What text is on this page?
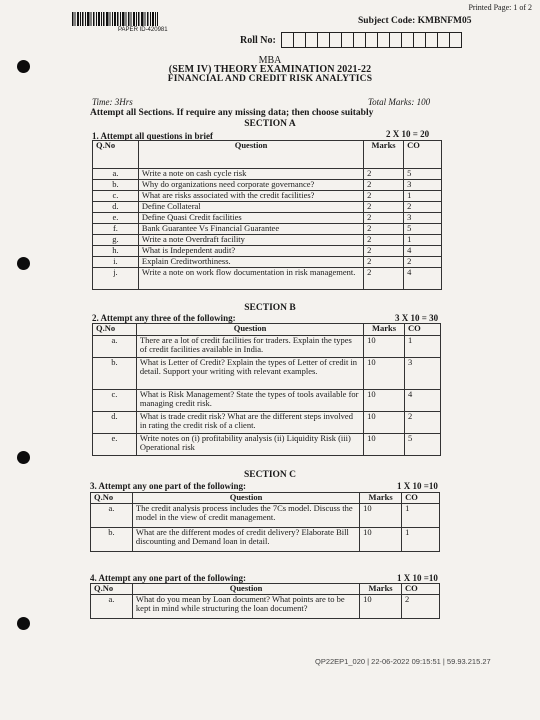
PAPER ID-420981
Printed Page: 1 of 2
Subject Code: KMBNFM05
Roll No:
MBA
(SEM IV) THEORY EXAMINATION 2021-22
FINANCIAL AND CREDIT RISK ANALYTICS
Time: 3Hrs	Total Marks: 100
Attempt all Sections. If require any missing data; then choose suitably
SECTION A
1. Attempt all questions in brief	2 X 10 = 20
Q.No	Question	Marks	CO
a.	Write a note on cash cycle risk	2	5
b.	Why do organizations need corporate governance?	2	3
c.	What are risks associated with the credit facilities?	2	1
d.	Define Collateral	2	2
e.	Define Quasi Credit facilities	2	3
f.	Bank Guarantee Vs Financial Guarantee	2	5
g.	Write a note Overdraft facility	2	1
h.	What is Independent audit?	2	4
i.	Explain Creditworthiness.	2	2
j.	Write a note on work flow documentation in risk management.	2	4
SECTION B
2. Attempt any three of the following:	3 X 10 = 30
Q.No	Question	Marks	CO
a.	There are a lot of credit facilities for traders. Explain the types of credit facilities available in India.	10	1
b.	What is Letter of Credit? Explain the types of Letter of credit in detail. Support your writing with relevant examples.	10	3
c.	What is Risk Management? State the types of tools available for managing credit risk.	10	4
d.	What is trade credit risk? What are the different steps involved in rating the credit risk of a client.	10	2
e.	Write notes on (i) profitability analysis (ii) Liquidity Risk (iii) Operational risk	10	5
SECTION C
3. Attempt any one part of the following:	1 X 10 =10
Q.No	Question	Marks	CO
a.	The credit analysis process includes the 7Cs model. Discuss the model in the view of credit management.	10	1
b.	What are the different modes of credit delivery? Elaborate Bill discounting and Demand loan in detail.	10	1
4. Attempt any one part of the following:	1 X 10 =10
Q.No	Question	Marks	CO
a.	What do you mean by Loan document? What points are to be kept in mind while structuring the loan document?	10	2
QP22EP1_020 | 22-06-2022 09:15:51 | 59.93.215.27
